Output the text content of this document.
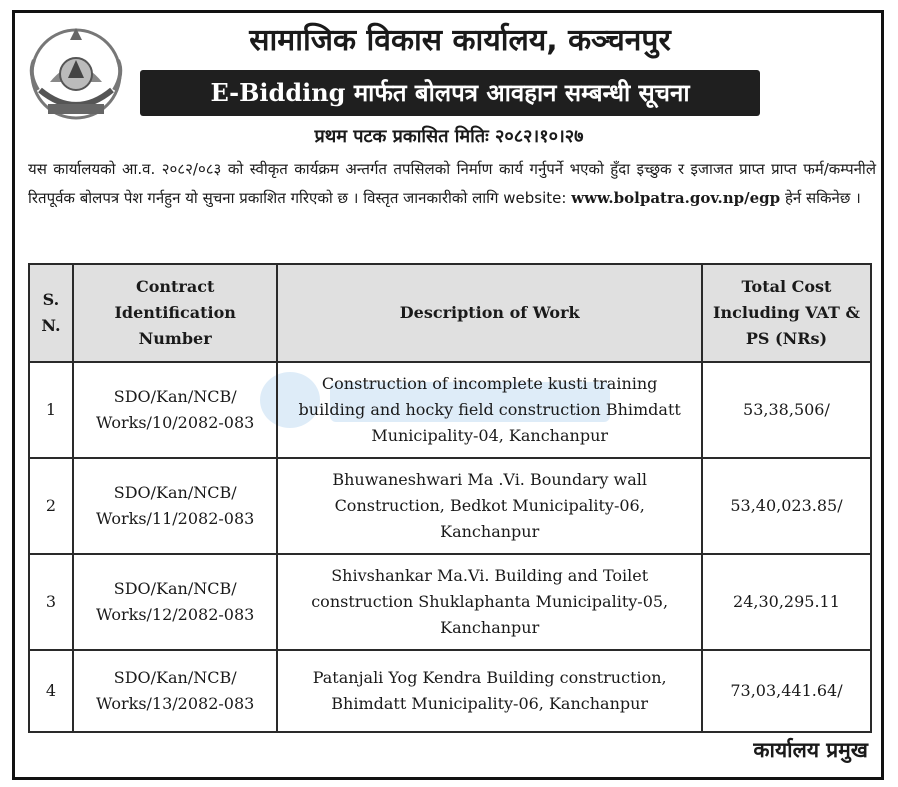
सामाजिक विकास कार्यालय, कञ्चनपुर
E-Bidding मार्फत बोलपत्र आवहान सम्बन्धी सूचना
प्रथम पटक प्रकासित मितिः २०८२।१०।२७
यस कार्यालयको आ.व. २०८२/०८३ को स्वीकृत कार्यक्रम अन्तर्गत तपसिलको निर्माण कार्य गर्नुपर्ने भएको हुँदा इच्छुक र इजाजत प्राप्त प्राप्त फर्म/कम्पनीले रितपूर्वक बोलपत्र पेश गर्नहुन यो सुचना प्रकाशित गरिएको छ । विस्तृत जानकारीको लागि website: www.bolpatra.gov.np/egp हेर्न सकिनेछ ।
S. N.	Contract Identification Number	Description of Work	Total Cost Including VAT & PS (NRs)
1	SDO/Kan/NCB/ Works/10/2082-083	Construction of incomplete kusti training building and hocky field construction Bhimdatt Municipality-04, Kanchanpur	53,38,506/
2	SDO/Kan/NCB/ Works/11/2082-083	Bhuwaneshwari Ma .Vi. Boundary wall Construction, Bedkot Municipality-06, Kanchanpur	53,40,023.85/
3	SDO/Kan/NCB/ Works/12/2082-083	Shivshankar Ma.Vi. Building and Toilet construction Shuklaphanta Municipality-05, Kanchanpur	24,30,295.11
4	SDO/Kan/NCB/ Works/13/2082-083	Patanjali Yog Kendra Building construction, Bhimdatt Municipality-06, Kanchanpur	73,03,441.64/
कार्यालय प्रमुख
